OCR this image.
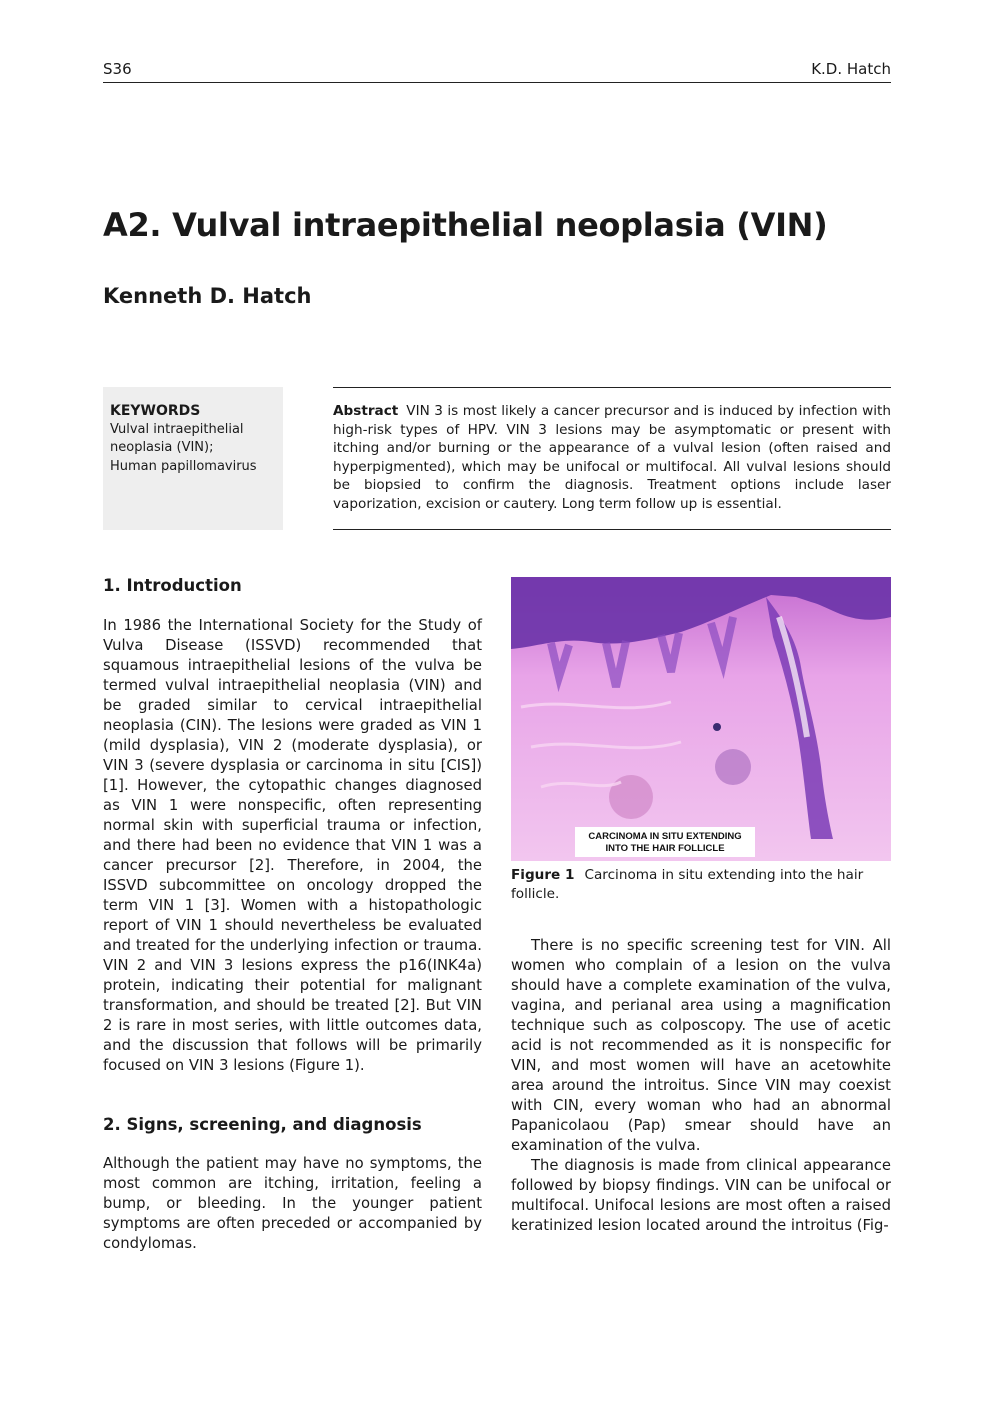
S36	K.D. Hatch
A2. Vulval intraepithelial neoplasia (VIN)
Kenneth D. Hatch
KEYWORDS
Vulval intraepithelial
neoplasia (VIN);
Human papillomavirus
Abstract VIN 3 is most likely a cancer precursor and is induced by infection with high-risk types of HPV. VIN 3 lesions may be asymptomatic or present with itching and/or burning or the appearance of a vulval lesion (often raised and hyperpigmented), which may be unifocal or multifocal. All vulval lesions should be biopsied to confirm the diagnosis. Treatment options include laser vaporization, excision or cautery. Long term follow up is essential.
1. Introduction

In 1986 the International Society for the Study of Vulva Disease (ISSVD) recommended that squamous intraepithelial lesions of the vulva be termed vulval intraepithelial neoplasia (VIN) and be graded similar to cervical intraepithelial neoplasia (CIN). The lesions were graded as VIN 1 (mild dysplasia), VIN 2 (moderate dysplasia), or VIN 3 (severe dysplasia or carcinoma in situ [CIS]) [1]. However, the cytopathic changes diagnosed as VIN 1 were nonspecific, often representing normal skin with superficial trauma or infection, and there had been no evidence that VIN 1 was a cancer precursor [2]. Therefore, in 2004, the ISSVD subcommittee on oncology dropped the term VIN 1 [3]. Women with a histopathologic report of VIN 1 should nevertheless be evaluated and treated for the underlying infection or trauma. VIN 2 and VIN 3 lesions express the p16(INK4a) protein, indicating their potential for malignant transformation, and should be treated [2]. But VIN 2 is rare in most series, with little outcomes data, and the discussion that follows will be primarily focused on VIN 3 lesions (Figure 1).

2. Signs, screening, and diagnosis

Although the patient may have no symptoms, the most common are itching, irritation, feeling a bump, or bleeding. In the younger patient symptoms are often preceded or accompanied by condylomas.

CARCINOMA IN SITU EXTENDING
INTO THE HAIR FOLLICLE
Figure 1 Carcinoma in situ extending into the hair follicle.

There is no specific screening test for VIN. All women who complain of a lesion on the vulva should have a complete examination of the vulva, vagina, and perianal area using a magnification technique such as colposcopy. The use of acetic acid is not recommended as it is nonspecific for VIN, and most women will have an acetowhite area around the introitus. Since VIN may coexist with CIN, every woman who had an abnormal Papanicolaou (Pap) smear should have an examination of the vulva.

The diagnosis is made from clinical appearance followed by biopsy findings. VIN can be unifocal or multifocal. Unifocal lesions are most often a raised keratinized lesion located around the introitus (Fig-
